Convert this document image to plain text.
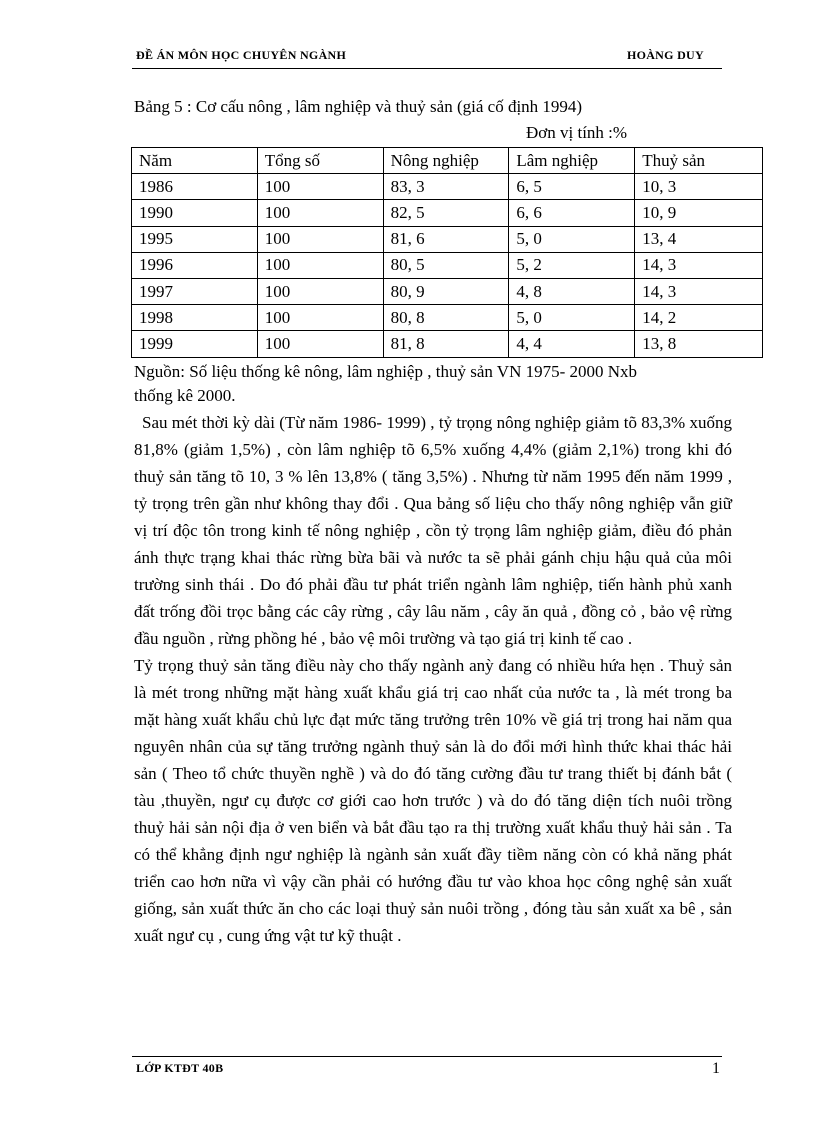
ĐỀ ÁN MÔN HỌC CHUYÊN NGÀNH	HOÀNG DUY
Bảng 5 : Cơ cấu nông , lâm nghiệp và thuỷ sản (giá cố định 1994)
Đơn vị tính :%
Năm	Tổng số	Nông nghiệp	Lâm nghiệp	Thuỷ sản
1986	100	83, 3	6, 5	10, 3
1990	100	82, 5	6, 6	10, 9
1995	100	81, 6	5, 0	13, 4
1996	100	80, 5	5, 2	14, 3
1997	100	80, 9	4, 8	14, 3
1998	100	80, 8	5, 0	14, 2
1999	100	81, 8	4, 4	13, 8
Nguồn: Số liệu thống kê nông, lâm nghiệp , thuỷ sản VN 1975- 2000 Nxb
thống kê 2000.

Sau mét thời kỳ dài (Từ năm 1986- 1999) , tỷ trọng nông nghiệp giảm tõ 83,3% xuống 81,8% (giảm 1,5%) , còn lâm nghiệp tõ 6,5% xuống 4,4% (giảm 2,1%) trong khi đó thuỷ sản tăng tõ 10, 3 % lên 13,8% ( tăng 3,5%) . Nhưng từ năm 1995 đến năm 1999 , tỷ trọng trên gần như không thay đổi . Qua bảng số liệu cho thấy nông nghiệp vẫn giữ vị trí độc tôn trong kinh tế nông nghiệp , cồn tỷ trọng lâm nghiệp giảm, điều đó phản ánh thực trạng khai thác rừng bừa bãi và nước ta sẽ phải gánh chịu hậu quả của môi trường sinh thái . Do đó phải đầu tư phát triển ngành lâm nghiệp, tiến hành phủ xanh đất trống đồi trọc bằng các cây rừng , cây lâu năm , cây ăn quả , đồng cỏ , bảo vệ rừng đầu nguồn , rừng phồng hé , bảo vệ môi trường và tạo giá trị kinh tế cao .

Tỷ trọng thuỷ sản tăng điều này cho thấy ngành anỳ đang có nhiều hứa hẹn . Thuỷ sản là mét trong những mặt hàng xuất khẩu giá trị cao nhất của nước ta , là mét trong ba mặt hàng xuất khẩu chủ lực đạt mức tăng trưởng trên 10% về giá trị trong hai năm qua nguyên nhân của sự tăng trưởng ngành thuỷ sản là do đổi mới hình thức khai thác hải sản ( Theo tổ chức thuyền nghề ) và do đó tăng cường đầu tư trang thiết bị đánh bắt ( tàu ,thuyền, ngư cụ được cơ giới cao hơn trước ) và do đó tăng diện tích nuôi trồng thuỷ hải sản nội địa ở ven biển và bắt đầu tạo ra thị trường xuất khẩu thuỷ hải sản . Ta có thể khẳng định ngư nghiệp là ngành sản xuất đầy tiềm năng còn có khả năng phát triển cao hơn nữa vì vậy cần phải có hướng đầu tư vào khoa học công nghệ sản xuất giống, sản xuất thức ăn cho các loại thuỷ sản nuôi trồng , đóng tàu sản xuất xa bê , sản xuất ngư cụ , cung ứng vật tư kỹ thuật .

LỚP KTĐT 40B	1
